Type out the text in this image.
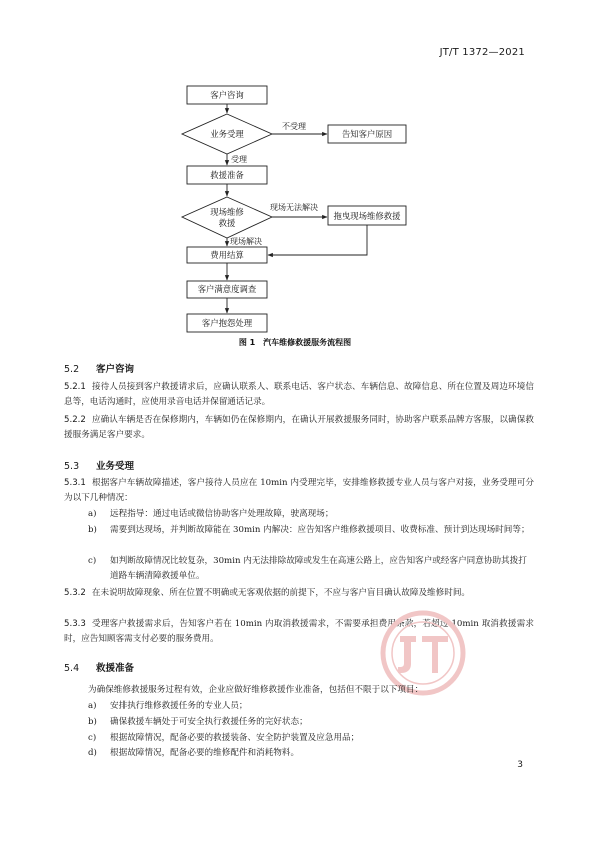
JT/T 1372—2021
客户咨询
业务受理	告知客户原因
救援准备
现场维修
救援
拖曳现场维修救援
费用结算
客户满意度调查
客户抱怨处理
不受理
受理
现场无法解决
现场解决
图 1　汽车维修救援服务流程图
5.2 客户咨询
5.2.1 接待人员接到客户救援请求后，应确认联系人、联系电话、客户状态、车辆信息、故障信息、所在位置及周边环境信息等，电话沟通时，应使用录音电话并保留通话记录。
5.2.2 应确认车辆是否在保修期内，车辆如仍在保修期内，在确认开展救援服务同时，协助客户联系品牌方客服，以确保救援服务满足客户要求。
5.3 业务受理
5.3.1 根据客户车辆故障描述，客户接待人员应在 10min 内受理完毕，安排维修救援专业人员与客户对接，业务受理可分为以下几种情况：
a)	远程指导：通过电话或微信协助客户处理故障，驶离现场；
b)	需要到达现场，并判断故障能在 30min 内解决：应告知客户维修救援项目、收费标准、预计到达现场时间等；
c)	如判断故障情况比较复杂，30min 内无法排除故障或发生在高速公路上，应告知客户或经客户同意协助其拨打道路车辆清障救援单位。
5.3.2 在未说明故障现象、所在位置不明确或无客观依据的前提下，不应与客户盲目确认故障及维修时间。
5.3.3 受理客户救援需求后，告知客户若在 10min 内取消救援需求，不需要承担费用条款，若超过 10min 取消救援需求时，应告知顾客需支付必要的服务费用。
5.4 救援准备
为确保维修救援服务过程有效，企业应做好维修救援作业准备，包括但不限于以下项目：
a)	安排执行维修救援任务的专业人员；
b)	确保救援车辆处于可安全执行救援任务的完好状态；
c)	根据故障情况，配备必要的救援装备、安全防护装置及应急用品；
d)	根据故障情况，配备必要的维修配件和消耗物料。
3
